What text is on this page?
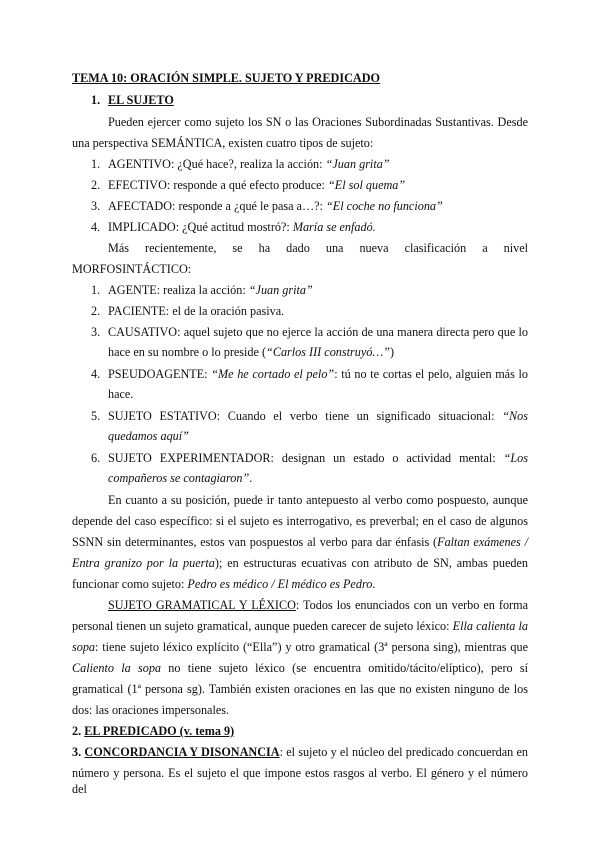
TEMA 10: ORACIÓN SIMPLE. SUJETO Y PREDICADO
1. EL SUJETO
Pueden ejercer como sujeto los SN o las Oraciones Subordinadas Sustantivas. Desde
una perspectiva SEMÁNTICA, existen cuatro tipos de sujeto:
1. AGENTIVO: ¿Qué hace?, realiza la acción: “Juan grita”
2. EFECTIVO: responde a qué efecto produce: “El sol quema”
3. AFECTADO: responde a ¿qué le pasa a…?: “El coche no funciona”
4. IMPLICADO: ¿Qué actitud mostró?: María se enfadó.
Más recientemente, se ha dado una nueva clasificación a nivel
MORFOSINTÁCTICO:
1. AGENTE: realiza la acción: “Juan grita”
2. PACIENTE: el de la oración pasiva.
3. CAUSATIVO: aquel sujeto que no ejerce la acción de una manera directa pero que lo
hace en su nombre o lo preside (“Carlos III construyó…”)
4. PSEUDOAGENTE: “Me he cortado el pelo”: tú no te cortas el pelo, alguien más lo
hace.
5. SUJETO ESTATIVO: Cuando el verbo tiene un significado situacional: “Nos
quedamos aquí”
6. SUJETO EXPERIMENTADOR: designan un estado o actividad mental: “Los
compañeros se contagiaron”.
En cuanto a su posición, puede ir tanto antepuesto al verbo como pospuesto, aunque
depende del caso específico: si el sujeto es interrogativo, es preverbal; en el caso de algunos
SSNN sin determinantes, estos van pospuestos al verbo para dar énfasis (Faltan exámenes /
Entra granizo por la puerta); en estructuras ecuativas con atributo de SN, ambas pueden
funcionar como sujeto: Pedro es médico / El médico es Pedro.
SUJETO GRAMATICAL Y LÉXICO: Todos los enunciados con un verbo en forma
personal tienen un sujeto gramatical, aunque pueden carecer de sujeto léxico: Ella calienta la
sopa: tiene sujeto léxico explícito (“Ella”) y otro gramatical (3ª persona sing), mientras que
Caliento la sopa no tiene sujeto léxico (se encuentra omitido/tácito/elíptico), pero sí
gramatical (1ª persona sg). También existen oraciones en las que no existen ninguno de los
dos: las oraciones impersonales.
2. EL PREDICADO (v. tema 9)
3. CONCORDANCIA Y DISONANCIA: el sujeto y el núcleo del predicado concuerdan en
número y persona. Es el sujeto el que impone estos rasgos al verbo. El género y el número del
